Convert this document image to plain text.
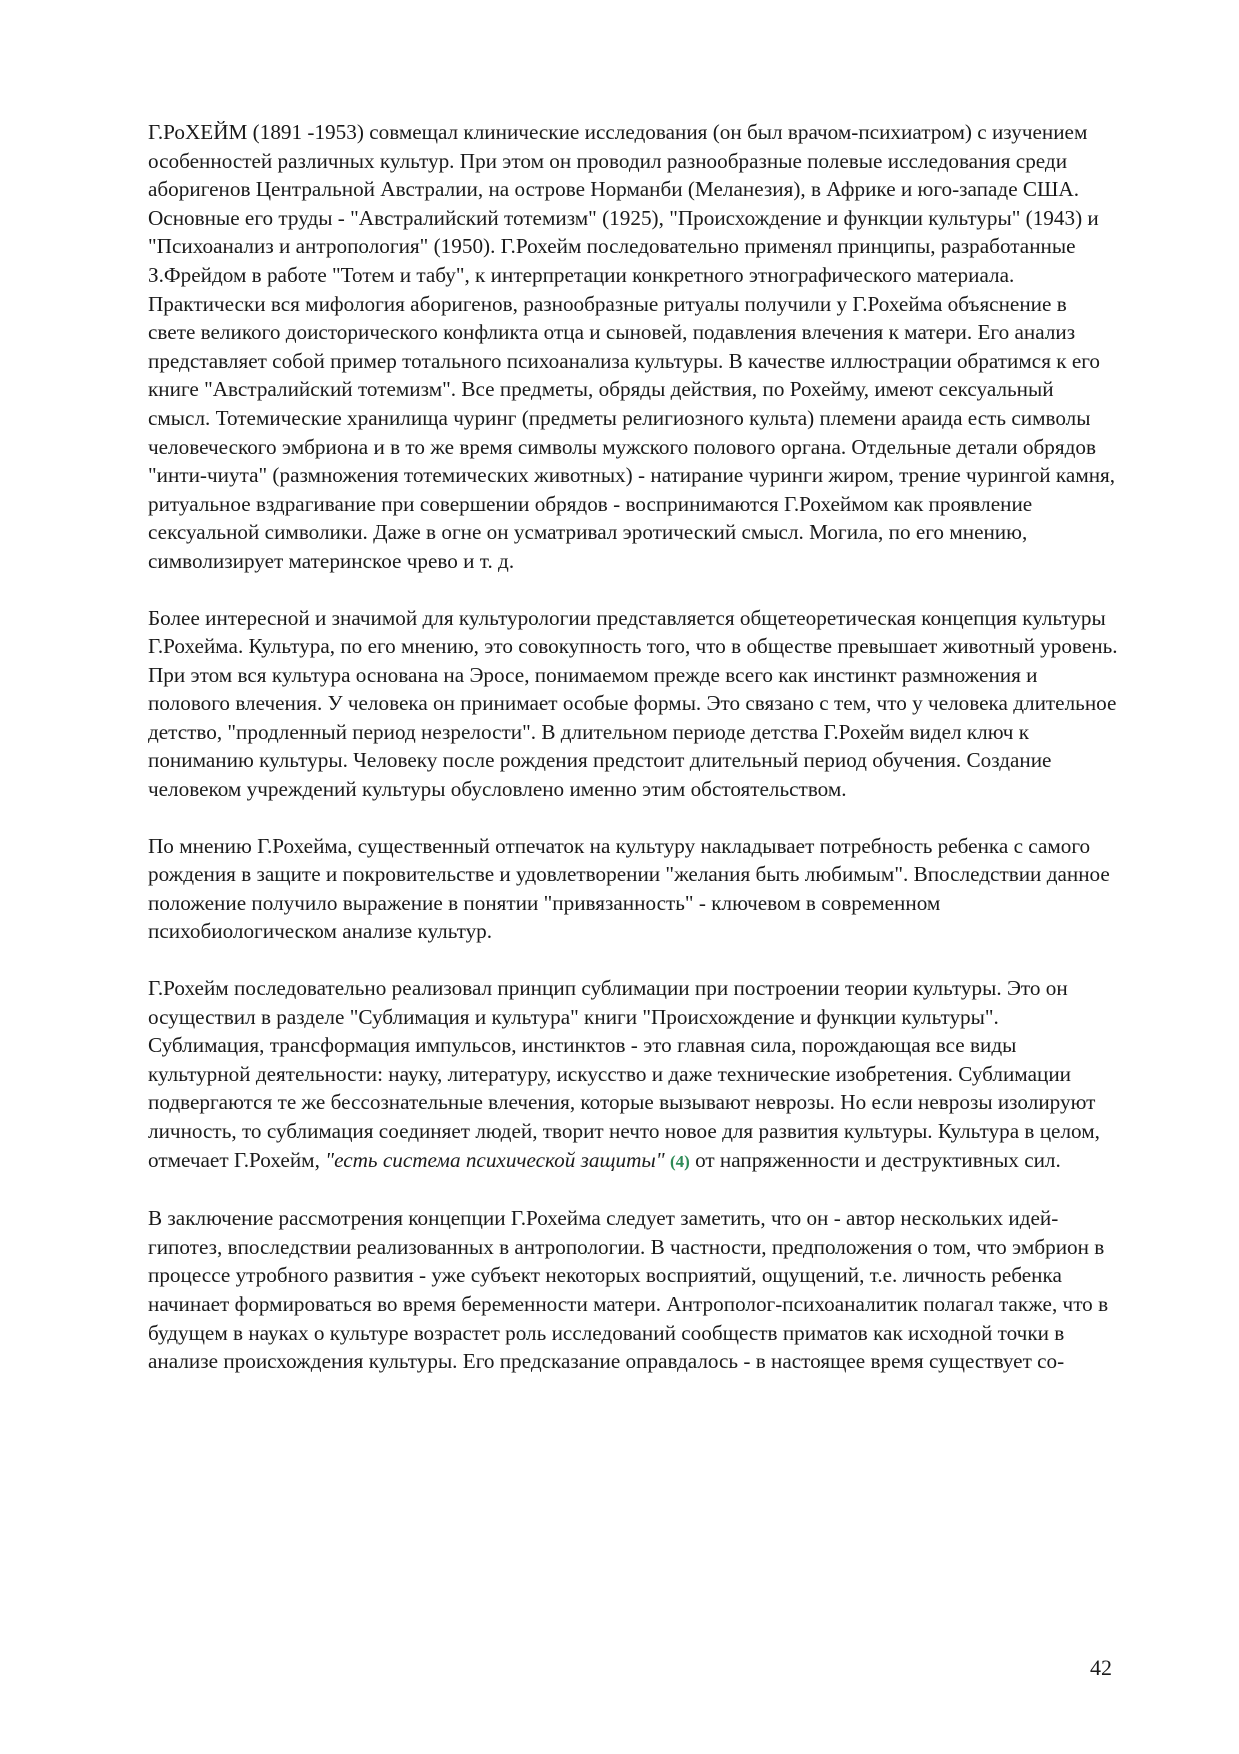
Г.РоХЕЙМ (1891 -1953) совмещал клинические исследования (он был врачом-психиатром) с изучением особенностей различных культур. При этом он проводил разнообразные полевые исследования среди аборигенов Центральной Австралии, на острове Норманби (Меланезия), в Африке и юго-западе США. Основные его труды - "Австралийский тотемизм" (1925), "Происхождение и функции культуры" (1943) и "Психоанализ и антропология" (1950). Г.Рохейм последовательно применял принципы, разработанные З.Фрейдом в работе "Тотем и табу", к интерпретации конкретного этнографического материала. Практически вся мифология аборигенов, разнообразные ритуалы получили у Г.Рохейма объяснение в свете великого доисторического конфликта отца и сыновей, подавления влечения к матери. Его анализ представляет собой пример тотального психоанализа культуры. В качестве иллюстрации обратимся к его книге "Австралийский тотемизм". Все предметы, обряды действия, по Рохейму, имеют сексуальный смысл. Тотемические хранилища чуринг (предметы религиозного культа) племени араида есть символы человеческого эмбриона и в то же время символы мужского полового органа. Отдельные детали обрядов "инти-чиута" (размножения тотемических животных) - натирание чуринги жиром, трение чурингой камня, ритуальное вздрагивание при совершении обрядов - воспринимаются Г.Рохеймом как проявление сексуальной символики. Даже в огне он усматривал эротический смысл. Могила, по его мнению, символизирует материнское чрево и т. д.

Более интересной и значимой для культурологии представляется общетеоретическая концепция культуры Г.Рохейма. Культура, по его мнению, это совокупность того, что в обществе превышает животный уровень. При этом вся культура основана на Эросе, понимаемом прежде всего как инстинкт размножения и полового влечения. У человека он принимает особые формы. Это связано с тем, что у человека длительное детство, "продленный период незрелости". В длительном периоде детства Г.Рохейм видел ключ к пониманию культуры. Человеку после рождения предстоит длительный период обучения. Создание человеком учреждений культуры обусловлено именно этим обстоятельством.

По мнению Г.Рохейма, существенный отпечаток на культуру накладывает потребность ребенка с самого рождения в защите и покровительстве и удовлетворении "желания быть любимым". Впоследствии данное положение получило выражение в понятии "привязанность" - ключевом в современном психобиологическом анализе культур.

Г.Рохейм последовательно реализовал принцип сублимации при построении теории культуры. Это он осуществил в разделе "Сублимация и культура" книги "Происхождение и функции культуры". Сублимация, трансформация импульсов, инстинктов - это главная сила, порождающая все виды культурной деятельности: науку, литературу, искусство и даже технические изобретения. Сублимации подвергаются те же бессознательные влечения, которые вызывают неврозы. Но если неврозы изолируют личность, то сублимация соединяет людей, творит нечто новое для развития культуры. Культура в целом, отмечает Г.Рохейм, "есть система психической защиты" (4) от напряженности и деструктивных сил.

В заключение рассмотрения концепции Г.Рохейма следует заметить, что он - автор нескольких идей-гипотез, впоследствии реализованных в антропологии. В частности, предположения о том, что эмбрион в процессе утробного развития - уже субъект некоторых восприятий, ощущений, т.е. личность ребенка начинает формироваться во время беременности матери. Антрополог-психоаналитик полагал также, что в будущем в науках о культуре возрастет роль исследований сообществ приматов как исходной точки в анализе происхождения культуры. Его предсказание оправдалось - в настоящее время существует со-

42
